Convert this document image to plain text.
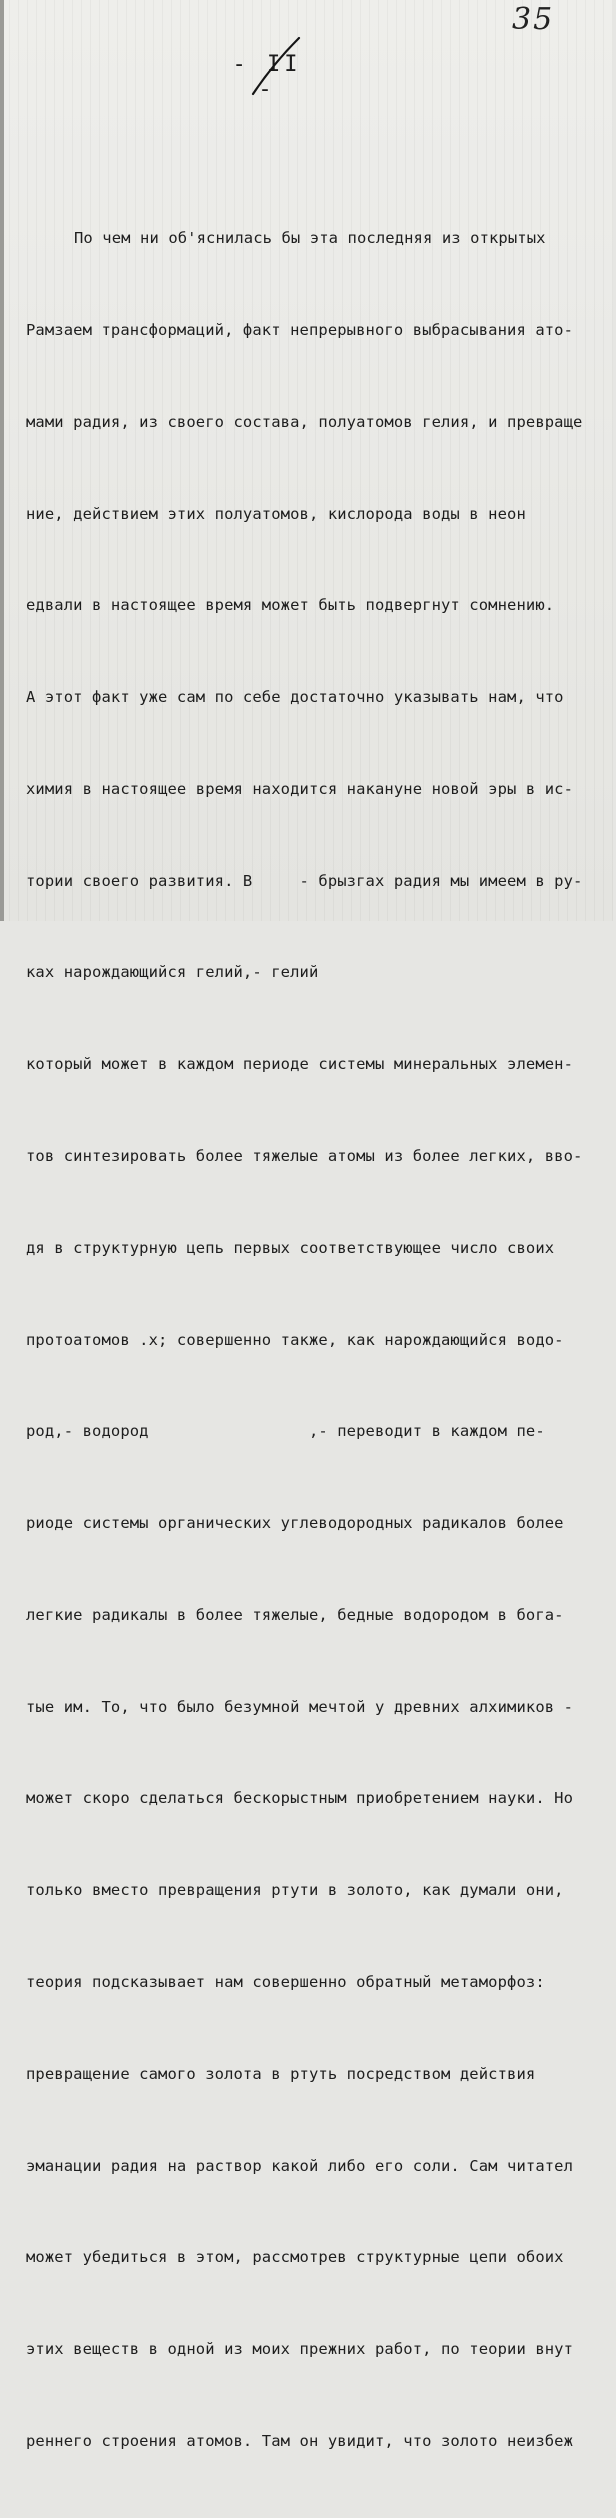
35
- II -

По чем ни об'яснилась бы эта последняя из открытых

Рамзаем трансформаций, факт непрерывного выбрасывания ато-

мами радия, из своего состава, полуатомов гелия, и превраще

ние, действием этих полуатомов, кислорода воды в неон

едвали в настоящее время может быть подвергнут сомнению.

А этот факт уже сам по себе достаточно указывать нам, что

химия в настоящее время находится накануне новой эры в ис-

тории своего развития. В     - брызгах радия мы имеем в ру-

ках нарождающийся гелий,- гелий

который может в каждом периоде системы минеральных элемен-

тов синтезировать более тяжелые атомы из более легких, вво-

дя в структурную цепь первых соответствующее число своих

протоатомов .х; совершенно также, как нарождающийся водо-

род,- водород                 ,- переводит в каждом пе-

риоде системы органических углеводородных радикалов более

легкие радикалы в более тяжелые, бедные водородом в бога-

тые им. То, что было безумной мечтой у древних алхимиков -

может скоро сделаться бескорыстным приобретением науки. Но

только вместо превращения ртути в золото, как думали они,

теория подсказывает нам совершенно обратный метаморфоз:

превращение самого золота в ртуть посредством действия

эманации радия на раствор какой либо его соли. Сам читател

может убедиться в этом, рассмотрев структурные цепи обоих

этих веществ в одной из моих прежних работ, по теории внут

реннего строения атомов. Там он увидит, что золото неизбеж
